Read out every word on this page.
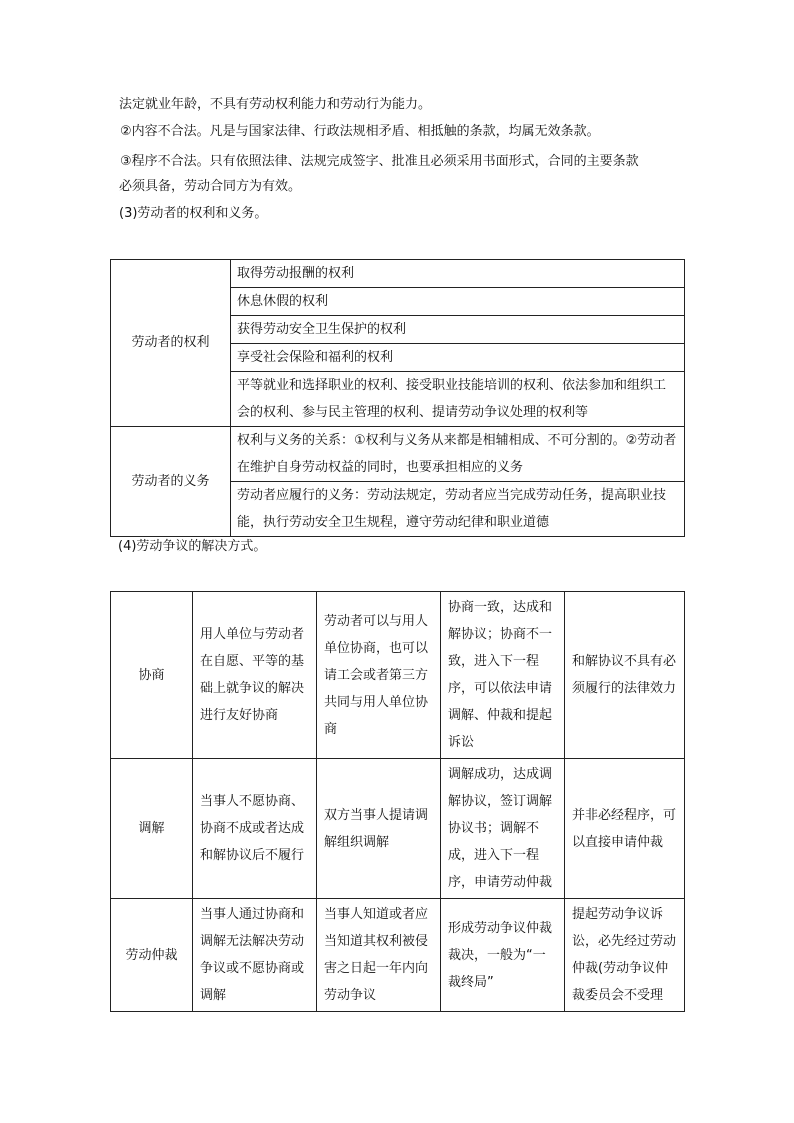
法定就业年龄，不具有劳动权利能力和劳动行为能力。
②内容不合法。凡是与国家法律、行政法规相矛盾、相抵触的条款，均属无效条款。
③程序不合法。只有依照法律、法规完成签字、批准且必须采用书面形式，合同的主要条款
必须具备，劳动合同方为有效。
(3)劳动者的权利和义务。
劳动者的权利	取得劳动报酬的权利
	休息休假的权利
	获得劳动安全卫生保护的权利
	享受社会保险和福利的权利
	平等就业和选择职业的权利、接受职业技能培训的权利、依法参加和组织工会的权利、参与民主管理的权利、提请劳动争议处理的权利等
劳动者的义务	权利与义务的关系：①权利与义务从来都是相辅相成、不可分割的。②劳动者在维护自身劳动权益的同时，也要承担相应的义务
	劳动者应履行的义务：劳动法规定，劳动者应当完成劳动任务，提高职业技能，执行劳动安全卫生规程，遵守劳动纪律和职业道德
(4)劳动争议的解决方式。
协商	用人单位与劳动者在自愿、平等的基础上就争议的解决进行友好协商	劳动者可以与用人单位协商，也可以请工会或者第三方共同与用人单位协商	协商一致，达成和解协议；协商不一致，进入下一程序，可以依法申请调解、仲裁和提起诉讼	和解协议不具有必须履行的法律效力
调解	当事人不愿协商、协商不成或者达成和解协议后不履行	双方当事人提请调解组织调解	调解成功，达成调解协议，签订调解协议书；调解不成，进入下一程序，申请劳动仲裁	并非必经程序，可以直接申请仲裁
劳动仲裁	当事人通过协商和调解无法解决劳动争议或不愿协商或调解	当事人知道或者应当知道其权利被侵害之日起一年内向劳动争议	形成劳动争议仲裁裁决，一般为“一裁终局”	提起劳动争议诉讼，必先经过劳动仲裁(劳动争议仲裁委员会不受理
